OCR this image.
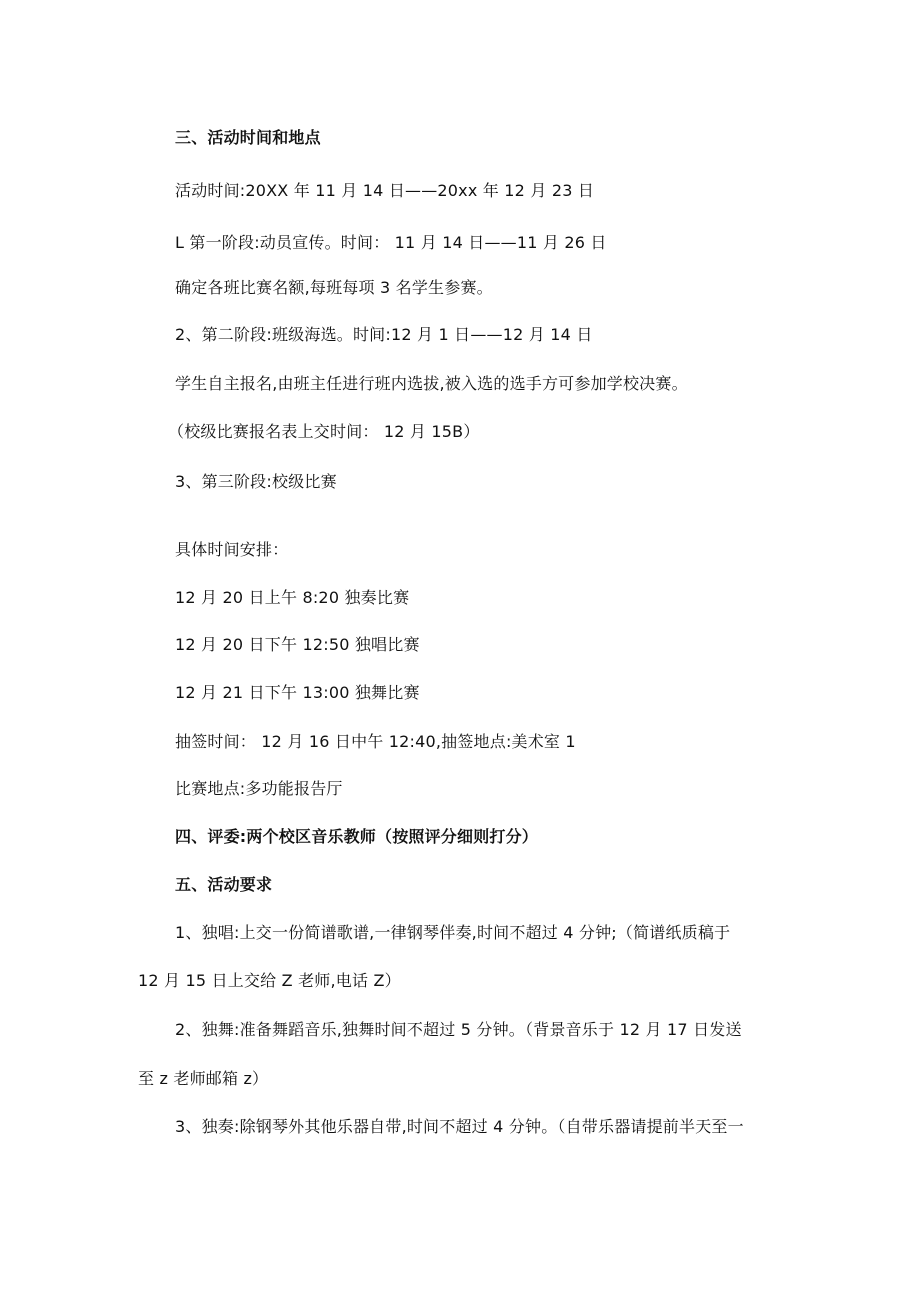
三、活动时间和地点
活动时间:20XX 年 11 月 14 日——20xx 年 12 月 23 日
L 第一阶段:动员宣传。时间： 11 月 14 日——11 月 26 日
确定各班比赛名额,每班每项 3 名学生参赛。
2、第二阶段:班级海选。时间:12 月 1 日——12 月 14 日
学生自主报名,由班主任进行班内选拔,被入选的选手方可参加学校决赛。
（校级比赛报名表上交时间： 12 月 15B）
3、第三阶段:校级比赛
具体时间安排：
12 月 20 日上午 8:20 独奏比赛
12 月 20 日下午 12:50 独唱比赛
12 月 21 日下午 13:00 独舞比赛
抽签时间： 12 月 16 日中午 12:40,抽签地点:美术室 1
比赛地点:多功能报告厅
四、评委:两个校区音乐教师（按照评分细则打分）
五、活动要求
1、独唱:上交一份简谱歌谱,一律钢琴伴奏,时间不超过 4 分钟;（简谱纸质稿于
12 月 15 日上交给 Z 老师,电话 Z）
2、独舞:准备舞蹈音乐,独舞时间不超过 5 分钟。（背景音乐于 12 月 17 日发送
至 z 老师邮箱 z）
3、独奏:除钢琴外其他乐器自带,时间不超过 4 分钟。（自带乐器请提前半天至一
